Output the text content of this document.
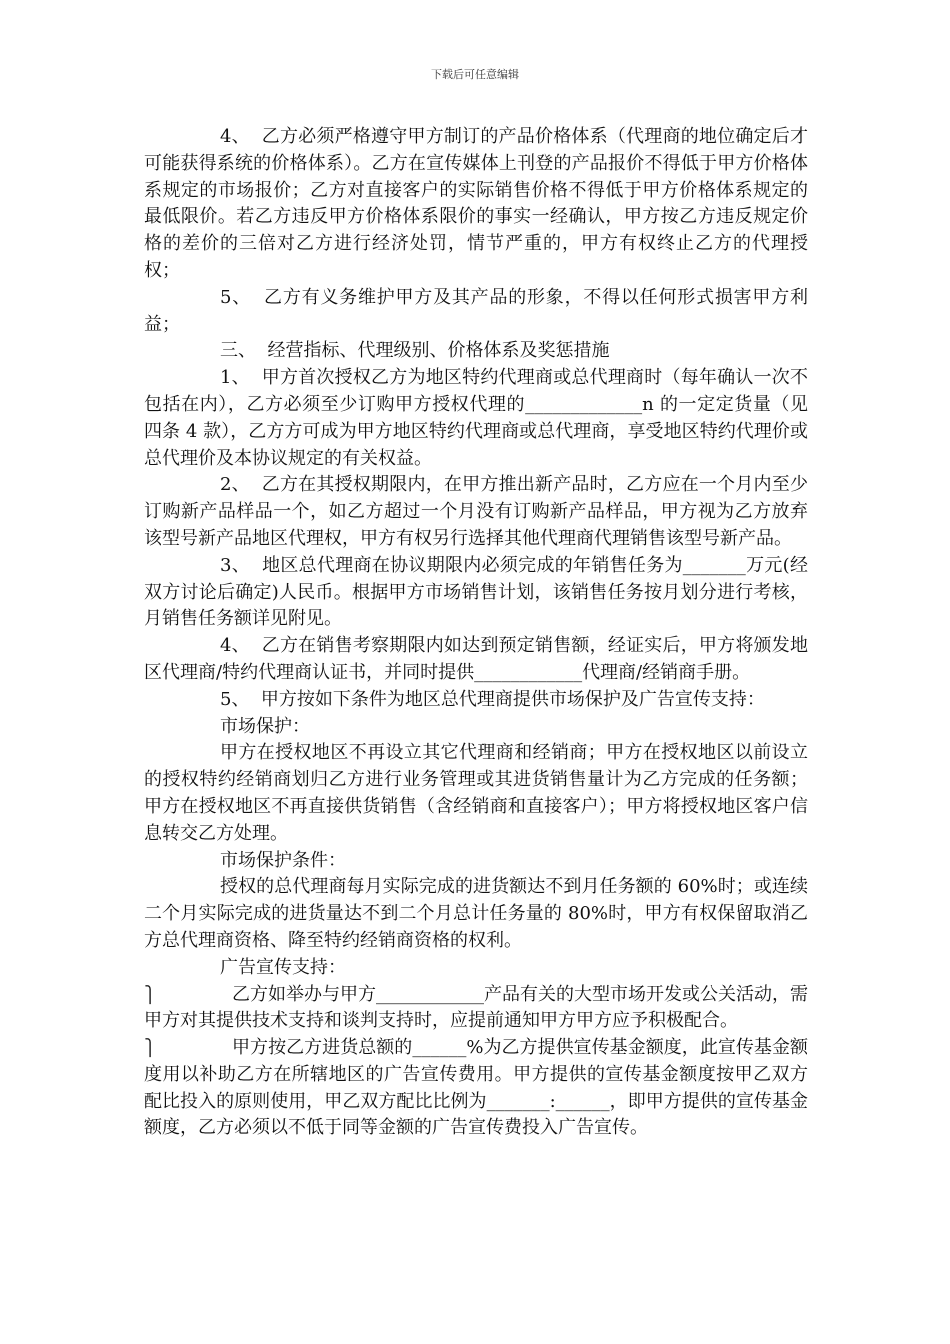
下载后可任意编辑

4、  乙方必须严格遵守甲方制订的产品价格体系（代理商的地位确定后才可能获得系统的价格体系）。乙方在宣传媒体上刊登的产品报价不得低于甲方价格体系规定的市场报价；乙方对直接客户的实际销售价格不得低于甲方价格体系规定的最低限价。若乙方违反甲方价格体系限价的事实一经确认，甲方按乙方违反规定价格的差价的三倍对乙方进行经济处罚，情节严重的，甲方有权终止乙方的代理授权；

5、  乙方有义务维护甲方及其产品的形象，不得以任何形式损害甲方利益；

三、  经营指标、代理级别、价格体系及奖惩措施

1、  甲方首次授权乙方为地区特约代理商或总代理商时（每年确认一次不包括在内），乙方必须至少订购甲方授权代理的_____________n 的一定定货量（见四条 4 款），乙方方可成为甲方地区特约代理商或总代理商，享受地区特约代理价或总代理价及本协议规定的有关权益。

2、  乙方在其授权期限内，在甲方推出新产品时，乙方应在一个月内至少订购新产品样品一个，如乙方超过一个月没有订购新产品样品，甲方视为乙方放弃该型号新产品地区代理权，甲方有权另行选择其他代理商代理销售该型号新产品。

3、  地区总代理商在协议期限内必须完成的年销售任务为_______万元(经双方讨论后确定)人民币。根据甲方市场销售计划，该销售任务按月划分进行考核，月销售任务额详见附见。

4、  乙方在销售考察期限内如达到预定销售额，经证实后，甲方将颁发地区代理商/特约代理商认证书，并同时提供____________代理商/经销商手册。

5、  甲方按如下条件为地区总代理商提供市场保护及广告宣传支持：

市场保护：

甲方在授权地区不再设立其它代理商和经销商；甲方在授权地区以前设立的授权特约经销商划归乙方进行业务管理或其进货销售量计为乙方完成的任务额；甲方在授权地区不再直接供货销售（含经销商和直接客户）；甲方将授权地区客户信息转交乙方处理。

市场保护条件：

授权的总代理商每月实际完成的进货额达不到月任务额的 60%时；或连续二个月实际完成的进货量达不到二个月总计任务量的 80%时，甲方有权保留取消乙方总代理商资格、降至特约经销商资格的权利。

广告宣传支持：

⎫	乙方如举办与甲方____________产品有关的大型市场开发或公关活动，需甲方对其提供技术支持和谈判支持时，应提前通知甲方甲方应予积极配合。

⎫	甲方按乙方进货总额的______%为乙方提供宣传基金额度，此宣传基金额度用以补助乙方在所辖地区的广告宣传费用。甲方提供的宣传基金额度按甲乙双方配比投入的原则使用，甲乙双方配比比例为_______:______，即甲方提供的宣传基金额度，乙方必须以不低于同等金额的广告宣传费投入广告宣传。
